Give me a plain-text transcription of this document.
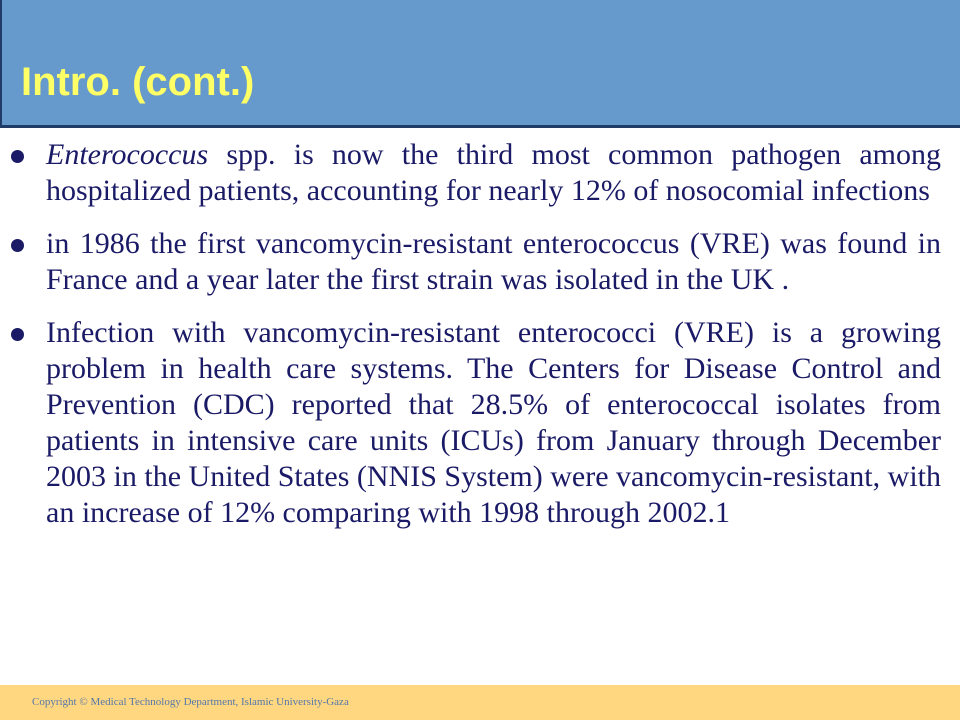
Intro. (cont.)
Enterococcus spp. is now the third most common pathogen among hospitalized patients, accounting for nearly 12% of nosocomial infections
in 1986 the first vancomycin-resistant enterococcus (VRE) was found in France and a year later the first strain was isolated in the UK .
Infection with vancomycin-resistant enterococci (VRE) is a growing problem in health care systems. The Centers for Disease Control and Prevention (CDC) reported that 28.5% of enterococcal isolates from patients in intensive care units (ICUs) from January through December 2003 in the United States (NNIS System) were vancomycin-resistant, with an increase of 12% comparing with 1998 through 2002.1
Copyright © Medical Technology Department, Islamic University-Gaza
